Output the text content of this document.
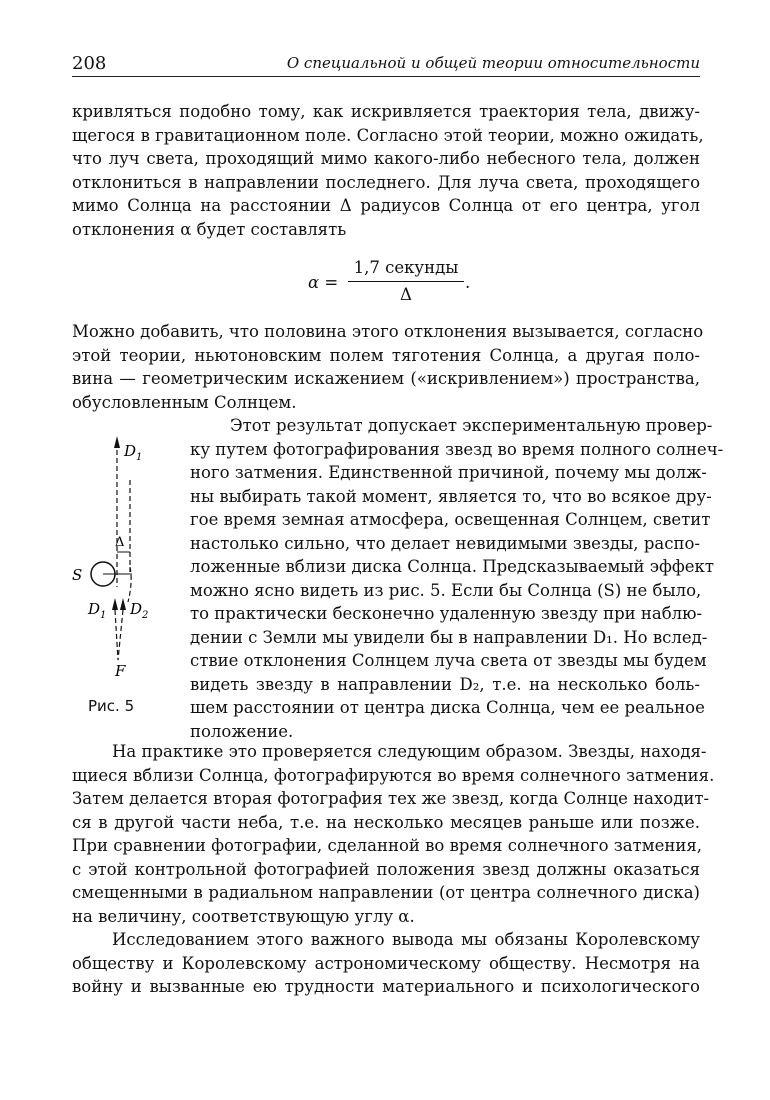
208	О специальной и общей теории относительности
кривляться подобно тому, как искривляется траектория тела, движу-
щегося в гравитационном поле. Согласно этой теории, можно ожидать,
что луч света, проходящий мимо какого-либо небесного тела, должен
отклониться в направлении последнего. Для луча света, проходящего
мимо Солнца на расстоянии Δ радиусов Солнца от его центра, угол
отклонения α будет составлять
α =
1,7 секунды
Δ
.
Можно добавить, что половина этого отклонения вызывается, согласно
этой теории, ньютоновским полем тяготения Солнца, а другая поло-
вина — геометрическим искажением («искривлением») пространства,
обусловленным Солнцем.
Этот результат допускает экспериментальную провер-
ку путем фотографирования звезд во время полного солнеч-
ного затмения. Единственной причиной, почему мы долж-
ны выбирать такой момент, является то, что во всякое дру-
гое время земная атмосфера, освещенная Солнцем, светит
настолько сильно, что делает невидимыми звезды, распо-
ложенные вблизи диска Солнца. Предсказываемый эффект
можно ясно видеть из рис. 5. Если бы Солнца (S) не было,
то практически бесконечно удаленную звезду при наблю-
дении с Земли мы увидели бы в направлении D₁. Но вслед-
ствие отклонения Солнцем луча света от звезды мы будем
видеть звезду в направлении D₂, т.е. на несколько боль-
шем расстоянии от центра диска Солнца, чем ее реальное
положение.
$D_1$
Δ
S
$D_1$ $D_2$
F
Рис. 5
На практике это проверяется следующим образом. Звезды, находя-
щиеся вблизи Солнца, фотографируются во время солнечного затмения.
Затем делается вторая фотография тех же звезд, когда Солнце находит-
ся в другой части неба, т.е. на несколько месяцев раньше или позже.
При сравнении фотографии, сделанной во время солнечного затмения,
с этой контрольной фотографией положения звезд должны оказаться
смещенными в радиальном направлении (от центра солнечного диска)
на величину, соответствующую углу α.
Исследованием этого важного вывода мы обязаны Королевскому
обществу и Королевскому астрономическому обществу. Несмотря на
войну и вызванные ею трудности материального и психологического
